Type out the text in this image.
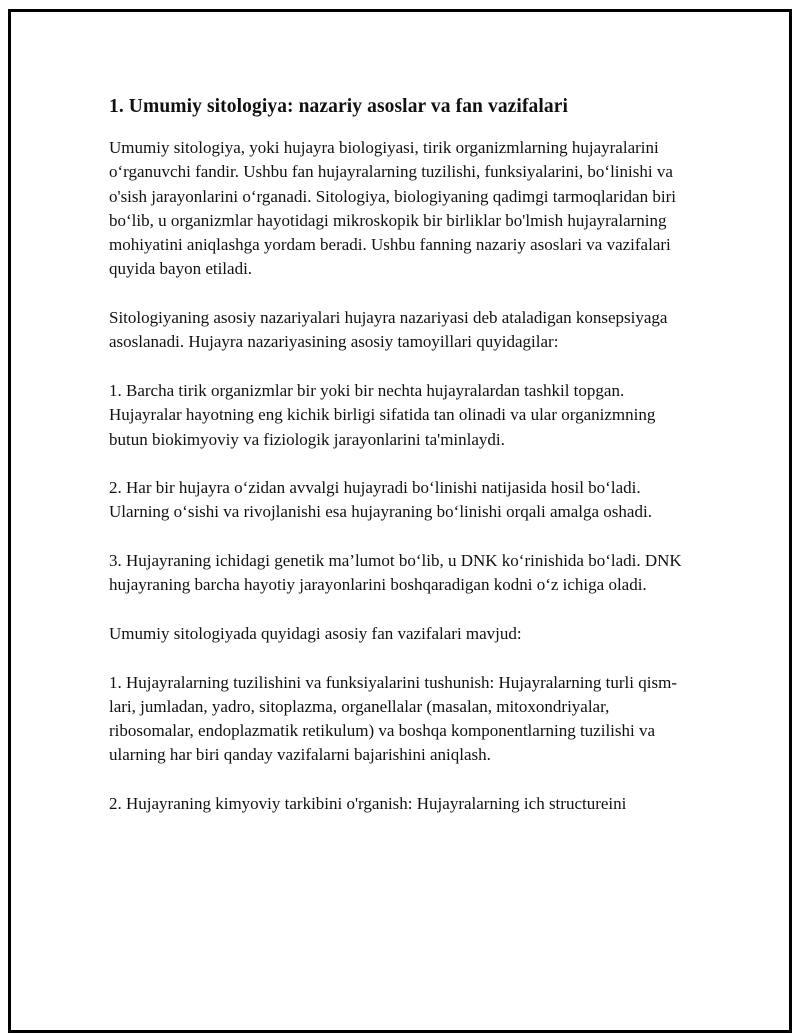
1. Umumiy sitologiya: nazariy asoslar va fan vazifalari

Umumiy sitologiya, yoki hujayra biologiyasi, tirik organizmlarning hujayralarini o‘rganuvchi fandir. Ushbu fan hujayralarning tuzilishi, funksiyalarini, bo‘linishi va o'sish jarayonlarini o‘rganadi. Sitologiya, biologiyaning qadimgi tarmoqlaridan biri bo‘lib, u organizmlar hayotidagi mikroskopik bir birliklar bo'lmish hujayralarning mohiyatini aniqlashga yordam beradi. Ushbu fanning nazariy asoslari va vazifalari quyida bayon etiladi.

Sitologiyaning asosiy nazariyalari hujayra nazariyasi deb ataladigan konsepsiyaga asoslanadi. Hujayra nazariyasining asosiy tamoyillari quyidagilar:

1. Barcha tirik organizmlar bir yoki bir nechta hujayralardan tashkil topgan. Hujayralar hayotning eng kichik birligi sifatida tan olinadi va ular organizmning butun biokimyoviy va fiziologik jarayonlarini ta'minlaydi.

2. Har bir hujayra o‘zidan avvalgi hujayradi bo‘linishi natijasida hosil bo‘ladi. Ularning o‘sishi va rivojlanishi esa hujayraning bo‘linishi orqali amalga oshadi.

3. Hujayraning ichidagi genetik ma’lumot bo‘lib, u DNK ko‘rinishida bo‘ladi. DNK hujayraning barcha hayotiy jarayonlarini boshqaradigan kodni o‘z ichiga oladi.

Umumiy sitologiyada quyidagi asosiy fan vazifalari mavjud:

1. Hujayralarning tuzilishini va funksiyalarini tushunish: Hujayralarning turli qism-lari, jumladan, yadro, sitoplazma, organellalar (masalan, mitoxondriyalar, ribosomalar, endoplazmatik retikulum) va boshqa komponentlarning tuzilishi va ularning har biri qanday vazifalarni bajarishini aniqlash.

2. Hujayraning kimyoviy tarkibini o'rganish: Hujayralarning ich structureini
